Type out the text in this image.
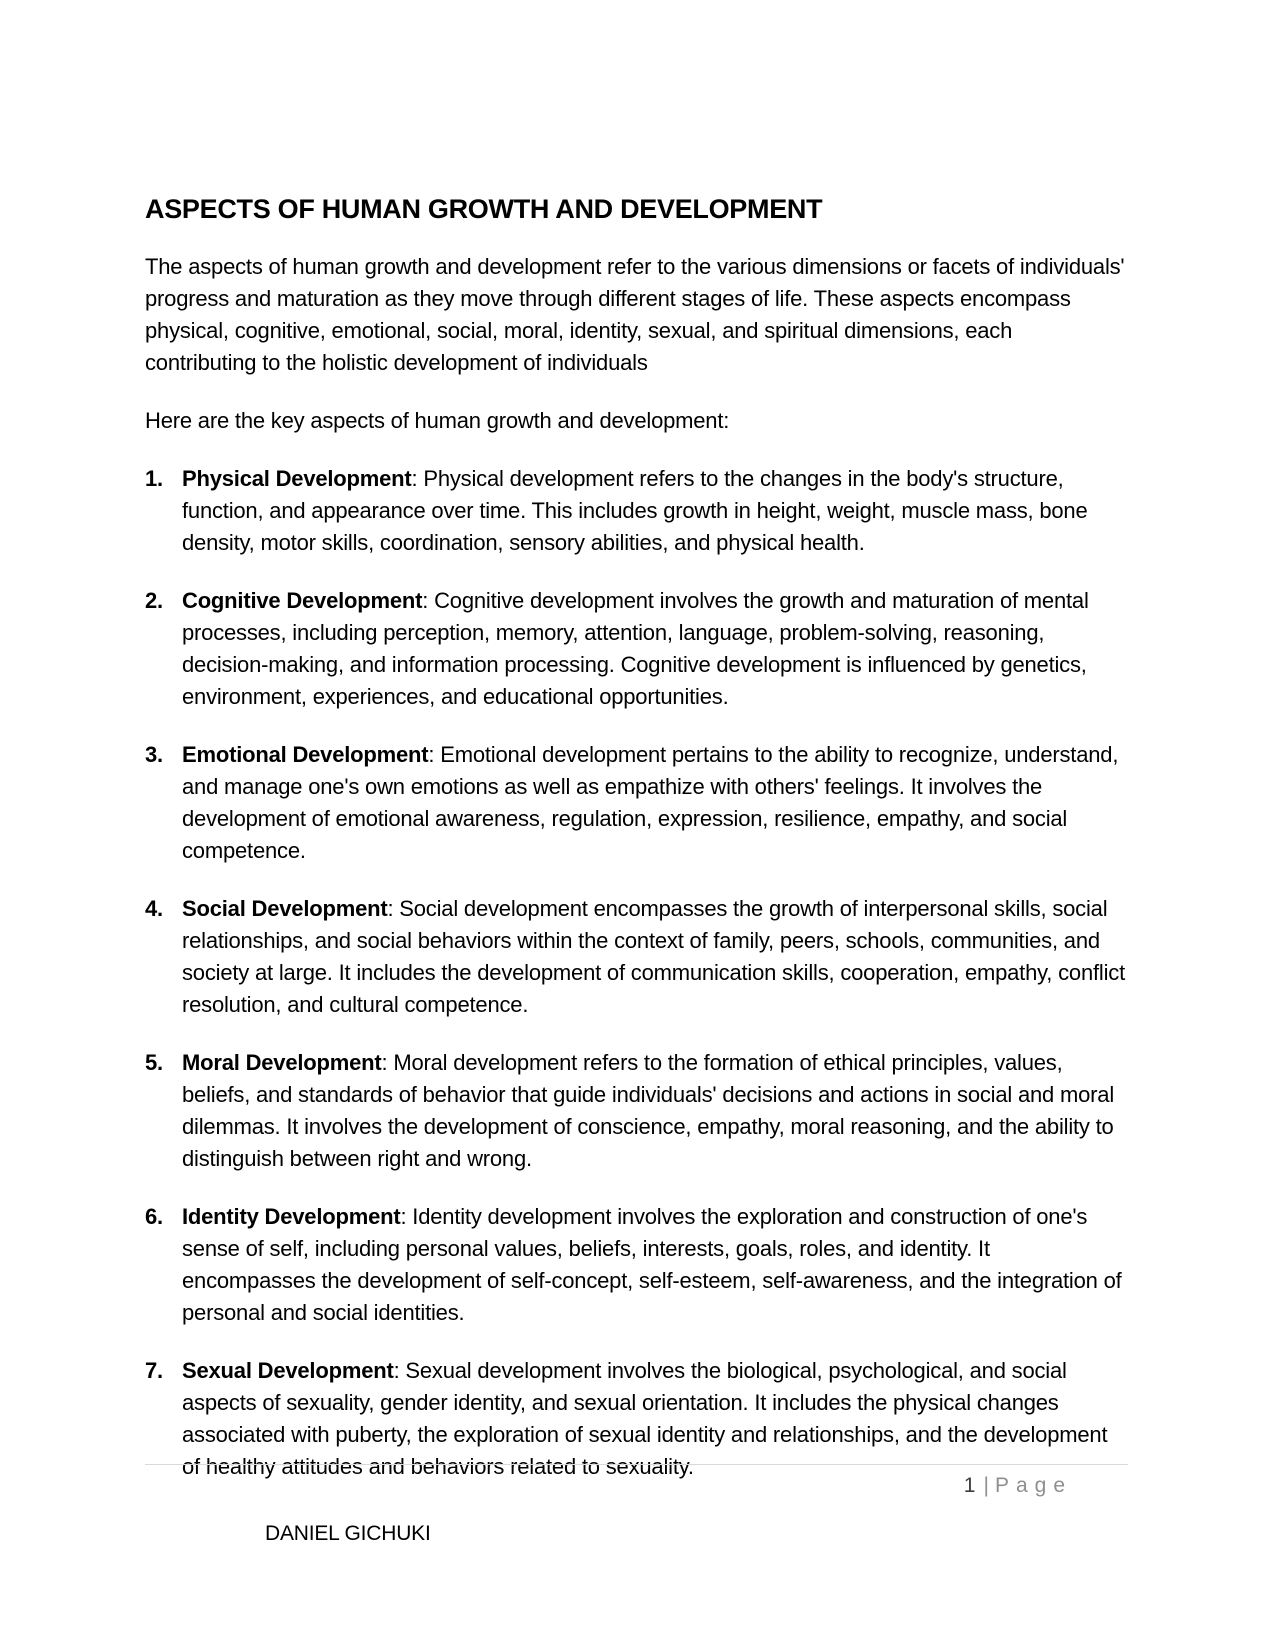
ASPECTS OF HUMAN GROWTH AND DEVELOPMENT

The aspects of human growth and development refer to the various dimensions or facets of individuals' progress and maturation as they move through different stages of life. These aspects encompass physical, cognitive, emotional, social, moral, identity, sexual, and spiritual dimensions, each contributing to the holistic development of individuals

Here are the key aspects of human growth and development:

1. Physical Development: Physical development refers to the changes in the body's structure, function, and appearance over time. This includes growth in height, weight, muscle mass, bone density, motor skills, coordination, sensory abilities, and physical health.
2. Cognitive Development: Cognitive development involves the growth and maturation of mental processes, including perception, memory, attention, language, problem-solving, reasoning, decision-making, and information processing. Cognitive development is influenced by genetics, environment, experiences, and educational opportunities.
3. Emotional Development: Emotional development pertains to the ability to recognize, understand, and manage one's own emotions as well as empathize with others' feelings. It involves the development of emotional awareness, regulation, expression, resilience, empathy, and social competence.
4. Social Development: Social development encompasses the growth of interpersonal skills, social relationships, and social behaviors within the context of family, peers, schools, communities, and society at large. It includes the development of communication skills, cooperation, empathy, conflict resolution, and cultural competence.
5. Moral Development: Moral development refers to the formation of ethical principles, values, beliefs, and standards of behavior that guide individuals' decisions and actions in social and moral dilemmas. It involves the development of conscience, empathy, moral reasoning, and the ability to distinguish between right and wrong.
6. Identity Development: Identity development involves the exploration and construction of one's sense of self, including personal values, beliefs, interests, goals, roles, and identity. It encompasses the development of self-concept, self-esteem, self-awareness, and the integration of personal and social identities.
7. Sexual Development: Sexual development involves the biological, psychological, and social aspects of sexuality, gender identity, and sexual orientation. It includes the physical changes associated with puberty, the exploration of sexual identity and relationships, and the development of healthy attitudes and behaviors related to sexuality.
1 | Page
DANIEL GICHUKI
